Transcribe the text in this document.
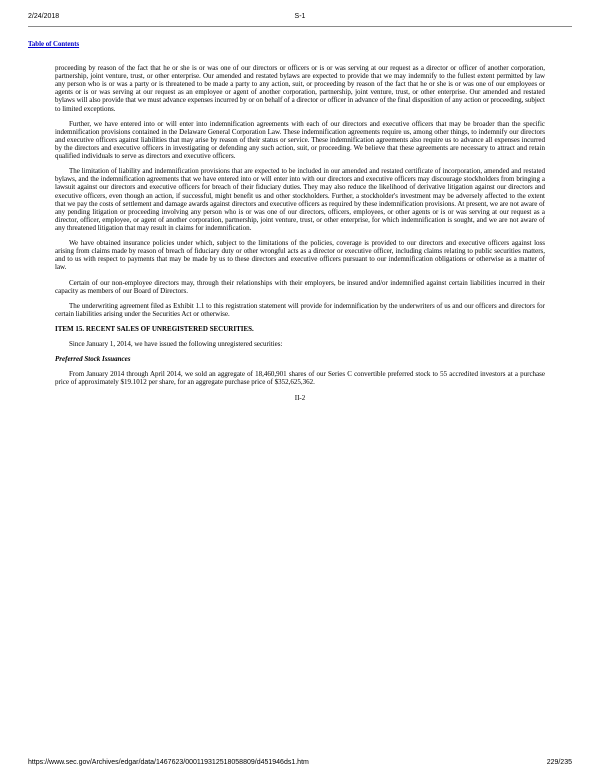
2/24/2018	S-1
Table of Contents

proceeding by reason of the fact that he or she is or was one of our directors or officers or is or was serving at our request as a director or officer of another corporation, partnership, joint venture, trust, or other enterprise. Our amended and restated bylaws are expected to provide that we may indemnify to the fullest extent permitted by law any person who is or was a party or is threatened to be made a party to any action, suit, or proceeding by reason of the fact that he or she is or was one of our employees or agents or is or was serving at our request as an employee or agent of another corporation, partnership, joint venture, trust, or other enterprise. Our amended and restated bylaws will also provide that we must advance expenses incurred by or on behalf of a director or officer in advance of the final disposition of any action or proceeding, subject to limited exceptions.

Further, we have entered into or will enter into indemnification agreements with each of our directors and executive officers that may be broader than the specific indemnification provisions contained in the Delaware General Corporation Law. These indemnification agreements require us, among other things, to indemnify our directors and executive officers against liabilities that may arise by reason of their status or service. These indemnification agreements also require us to advance all expenses incurred by the directors and executive officers in investigating or defending any such action, suit, or proceeding. We believe that these agreements are necessary to attract and retain qualified individuals to serve as directors and executive officers.

The limitation of liability and indemnification provisions that are expected to be included in our amended and restated certificate of incorporation, amended and restated bylaws, and the indemnification agreements that we have entered into or will enter into with our directors and executive officers may discourage stockholders from bringing a lawsuit against our directors and executive officers for breach of their fiduciary duties. They may also reduce the likelihood of derivative litigation against our directors and executive officers, even though an action, if successful, might benefit us and other stockholders. Further, a stockholder's investment may be adversely affected to the extent that we pay the costs of settlement and damage awards against directors and executive officers as required by these indemnification provisions. At present, we are not aware of any pending litigation or proceeding involving any person who is or was one of our directors, officers, employees, or other agents or is or was serving at our request as a director, officer, employee, or agent of another corporation, partnership, joint venture, trust, or other enterprise, for which indemnification is sought, and we are not aware of any threatened litigation that may result in claims for indemnification.

We have obtained insurance policies under which, subject to the limitations of the policies, coverage is provided to our directors and executive officers against loss arising from claims made by reason of breach of fiduciary duty or other wrongful acts as a director or executive officer, including claims relating to public securities matters, and to us with respect to payments that may be made by us to these directors and executive officers pursuant to our indemnification obligations or otherwise as a matter of law.

Certain of our non-employee directors may, through their relationships with their employers, be insured and/or indemnified against certain liabilities incurred in their capacity as members of our Board of Directors.

The underwriting agreement filed as Exhibit 1.1 to this registration statement will provide for indemnification by the underwriters of us and our officers and directors for certain liabilities arising under the Securities Act or otherwise.

ITEM 15. RECENT SALES OF UNREGISTERED SECURITIES.

Since January 1, 2014, we have issued the following unregistered securities:

Preferred Stock Issuances

From January 2014 through April 2014, we sold an aggregate of 18,460,901 shares of our Series C convertible preferred stock to 55 accredited investors at a purchase price of approximately $19.1012 per share, for an aggregate purchase price of $352,625,362.

II-2
https://www.sec.gov/Archives/edgar/data/1467623/000119312518058809/d451946ds1.htm	229/235
